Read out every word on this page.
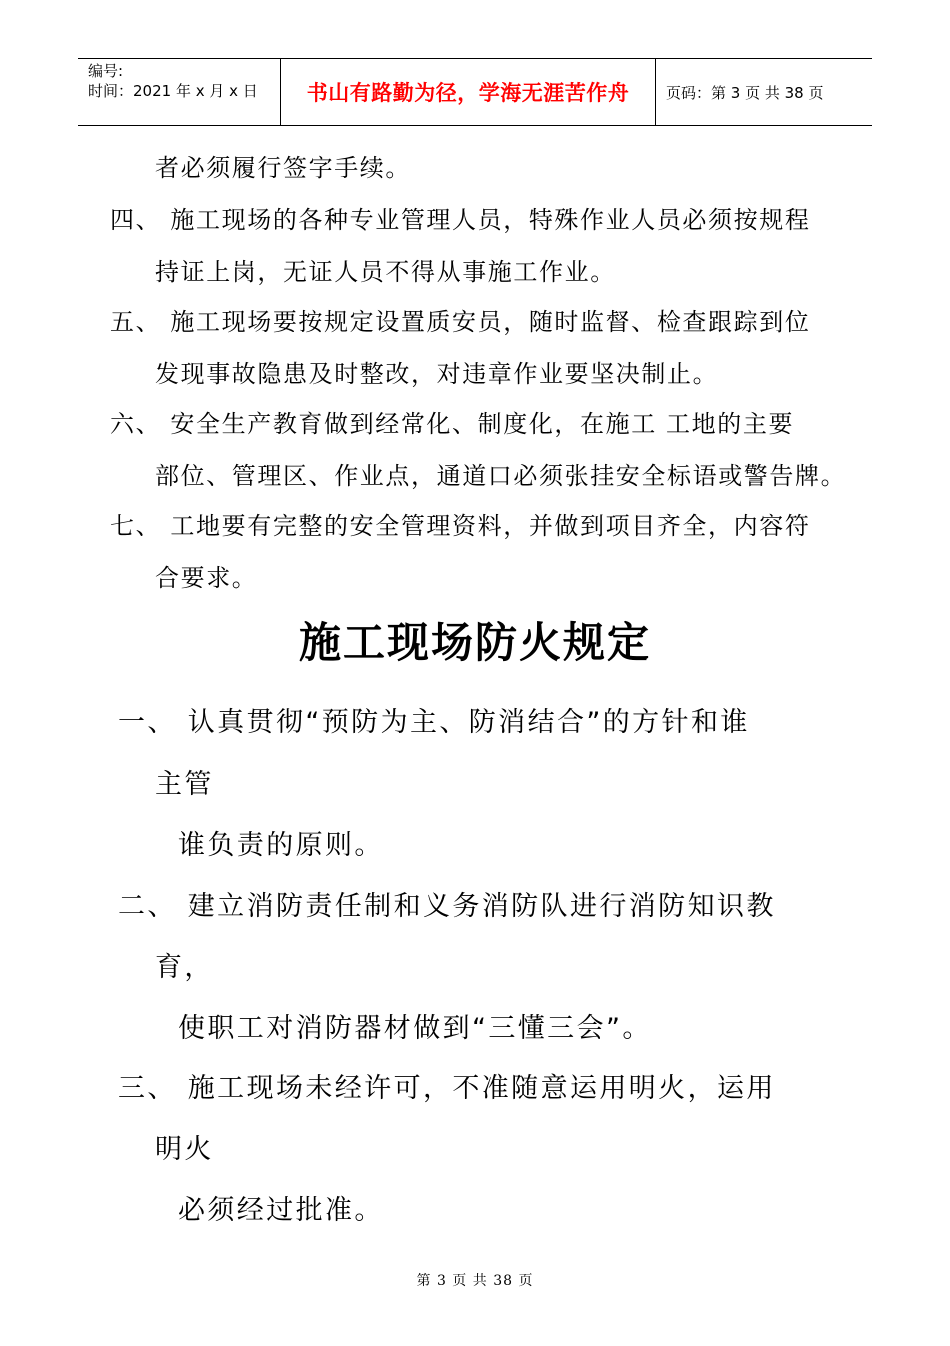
编号:
时间：2021 年 x 月 x 日	书山有路勤为径，学海无涯苦作舟 页码：第 3 页 共 38 页
者必须履行签字手续。
四、 施工现场的各种专业管理人员，特殊作业人员必须按规程
持证上岗，无证人员不得从事施工作业。
五、 施工现场要按规定设置质安员，随时监督、检查跟踪到位
发现事故隐患及时整改，对违章作业要坚决制止。
六、 安全生产教育做到经常化、制度化，在施工 工地的主要
部位、管理区、作业点，通道口必须张挂安全标语或警告牌。
七、 工地要有完整的安全管理资料，并做到项目齐全，内容符
合要求。
施工现场防火规定
一、 认真贯彻“预防为主、防消结合”的方针和谁
主管
谁负责的原则。
二、 建立消防责任制和义务消防队进行消防知识教
育，
使职工对消防器材做到“三懂三会”。
三、 施工现场未经许可，不准随意运用明火，运用
明火
必须经过批准。
第 3 页 共 38 页
